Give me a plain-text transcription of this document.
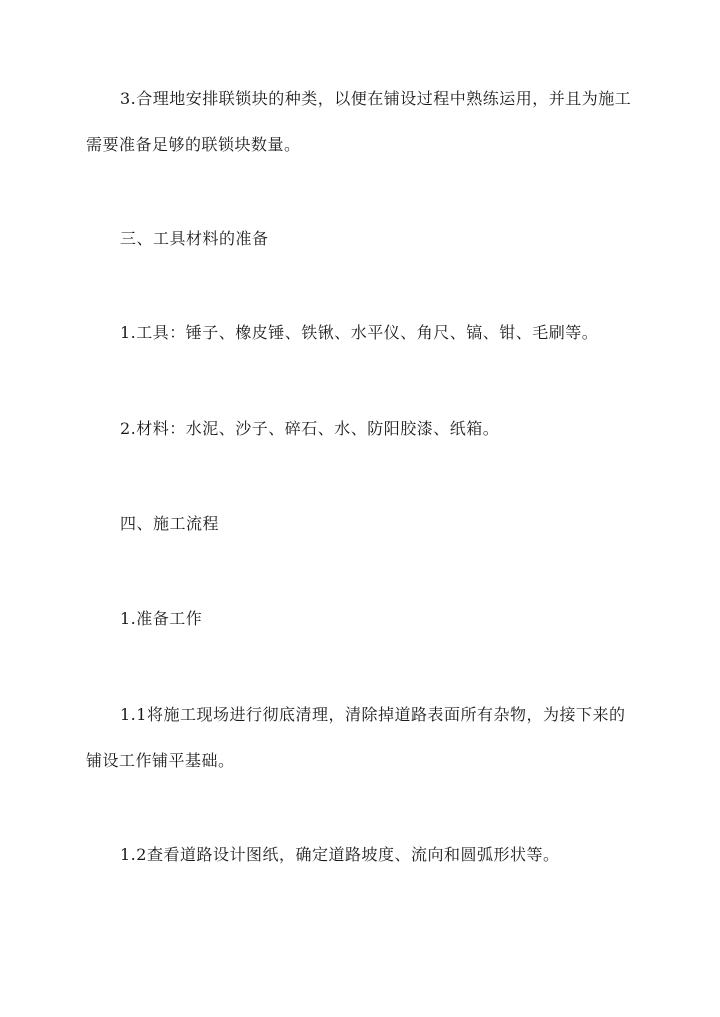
3.合理地安排联锁块的种类，以便在铺设过程中熟练运用，并且为施工需要准备足够的联锁块数量。

三、工具材料的准备

1.工具：锤子、橡皮锤、铁锹、水平仪、角尺、镐、钳、毛刷等。

2.材料：水泥、沙子、碎石、水、防阳胶漆、纸箱。

四、施工流程

1.准备工作

1.1将施工现场进行彻底清理，清除掉道路表面所有杂物，为接下来的铺设工作铺平基础。

1.2查看道路设计图纸，确定道路坡度、流向和圆弧形状等。
